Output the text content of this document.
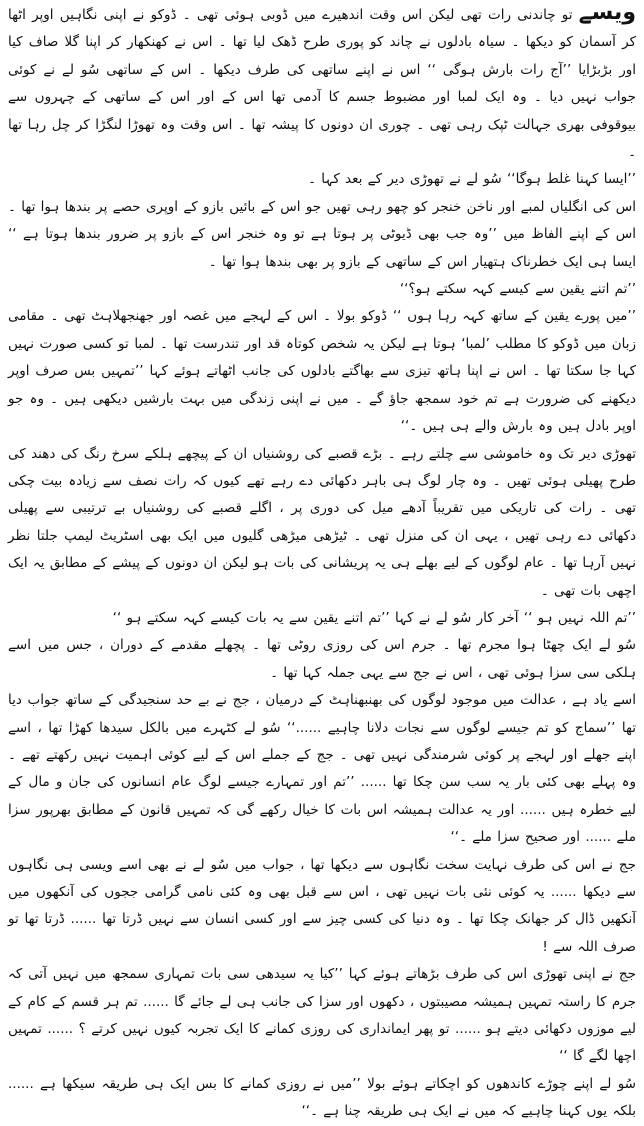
ویسے تو چاندنی رات تھی لیکن اس وقت اندھیرے میں ڈوبی ہوئی تھی ۔ ڈوکو نے اپنی نگاہیں اوپر اٹھا کر آسمان کو دیکھا ۔ سیاہ بادلوں نے چاند کو پوری طرح ڈھک لیا تھا ۔ اس نے کھنکھار کر اپنا گلا صاف کیا اور بڑبڑایا ’’آج رات بارش ہوگی ‘‘ اس نے اپنے ساتھی کی طرف دیکھا ۔ اس کے ساتھی سُو لے نے کوئی جواب نہیں دیا ۔ وہ ایک لمبا اور مضبوط جسم کا آدمی تھا اس کے اور اس کے ساتھی کے چہروں سے بیوقوفی بھری جہالت ٹپک رہی تھی ۔ چوری ان دونوں کا پیشہ تھا ۔ اس وقت وہ تھوڑا لنگڑا کر چل رہا تھا ۔

’’ایسا کہنا غلط ہوگا‘‘ سُو لے نے تھوڑی دیر کے بعد کہا ۔

اس کی انگلیاں لمبے اور ناخن خنجر کو چھو رہی تھیں جو اس کے بائیں بازو کے اوپری حصے پر بندھا ہوا تھا ۔ اس کے اپنے الفاظ میں ’’وہ جب بھی ڈیوٹی پر ہوتا ہے تو وہ خنجر اس کے بازو پر ضرور بندھا ہوتا ہے ‘‘ ایسا ہی ایک خطرناک ہتھیار اس کے ساتھی کے بازو پر بھی بندھا ہوا تھا ۔

’’تم اتنے یقین سے کیسے کہہ سکتے ہو؟‘‘

’’میں پورے یقین کے ساتھ کہہ رہا ہوں ‘‘ ڈوکو بولا ۔ اس کے لہجے میں غصہ اور جھنجھلاہٹ تھی ۔ مقامی زبان میں ڈوکو کا مطلب ’لمبا‘ ہوتا ہے لیکن یہ شخص کوتاہ قد اور تندرست تھا ۔ لمبا تو کسی صورت نہیں کہا جا سکتا تھا ۔ اس نے اپنا ہاتھ تیزی سے بھاگتے بادلوں کی جانب اٹھاتے ہوئے کہا ’’تمہیں بس صرف اوپر دیکھنے کی ضرورت ہے تم خود سمجھ جاؤ گے ۔ میں نے اپنی زندگی میں بہت بارشیں دیکھی ہیں ۔ وہ جو اوپر بادل ہیں وہ بارش والے ہی ہیں ۔‘‘

تھوڑی دیر تک وہ خاموشی سے چلتے رہے ۔ بڑے قصبے کی روشنیاں ان کے پیچھے ہلکے سرخ رنگ کی دھند کی طرح پھیلی ہوئی تھیں ۔ وہ چار لوگ ہی باہر دکھائی دے رہے تھے کیوں کہ رات نصف سے زیادہ بیت چکی تھی ۔ رات کی تاریکی میں تقریباً آدھے میل کی دوری پر ، اگلے قصبے کی روشنیاں بے ترتیبی سے پھیلی دکھائی دے رہی تھیں ، یہی ان کی منزل تھی ۔ ٹیڑھی میڑھی گلیوں میں ایک بھی اسٹریٹ لیمپ جلتا نظر نہیں آرہا تھا ۔ عام لوگوں کے لیے بھلے ہی یہ پریشانی کی بات ہو لیکن ان دونوں کے پیشے کے مطابق یہ ایک اچھی بات تھی ۔

’’تم اللہ نہیں ہو ‘‘ آخر کار سُو لے نے کہا ’’تم اتنے یقین سے یہ بات کیسے کہہ سکتے ہو ‘‘

سُو لے ایک چھٹا ہوا مجرم تھا ۔ جرم اس کی روزی روٹی تھا ۔ پچھلے مقدمے کے دوران ، جس میں اسے ہلکی سی سزا ہوئی تھی ، اس نے جج سے یہی جملہ کہا تھا ۔

اسے یاد ہے ، عدالت میں موجود لوگوں کی بھنبھناہٹ کے درمیان ، جج نے بے حد سنجیدگی کے ساتھ جواب دیا تھا ’’سماج کو تم جیسے لوگوں سے نجات دلانا چاہیے ......‘‘ سُو لے کٹہرے میں بالکل سیدھا کھڑا تھا ، اسے اپنے جھلے اور لہجے پر کوئی شرمندگی نہیں تھی ۔ جج کے جملے اس کے لیے کوئی اہمیت نہیں رکھتے تھے ۔ وہ پہلے بھی کئی بار یہ سب سن چکا تھا ...... ’’تم اور تمہارے جیسے لوگ عام انسانوں کی جان و مال کے لیے خطرہ ہیں ...... اور یہ عدالت ہمیشہ اس بات کا خیال رکھے گی کہ تمہیں قانون کے مطابق بھرپور سزا ملے ...... اور صحیح سزا ملے ۔‘‘

جج نے اس کی طرف نہایت سخت نگاہوں سے دیکھا تھا ، جواب میں سُو لے نے بھی اسے ویسی ہی نگاہوں سے دیکھا ...... یہ کوئی نئی بات نہیں تھی ، اس سے قبل بھی وہ کئی نامی گرامی ججوں کی آنکھوں میں آنکھیں ڈال کر جھانک چکا تھا ۔ وہ دنیا کی کسی چیز سے اور کسی انسان سے نہیں ڈرتا تھا ...... ڈرتا تھا تو صرف اللہ سے !

جج نے اپنی تھوڑی اس کی طرف بڑھاتے ہوئے کہا ’’کیا یہ سیدھی سی بات تمہاری سمجھ میں نہیں آتی کہ جرم کا راستہ تمہیں ہمیشہ مصیبتوں ، دکھوں اور سزا کی جانب ہی لے جائے گا ...... تم ہر قسم کے کام کے لیے موزوں دکھائی دیتے ہو ...... تو پھر ایمانداری کی روزی کمانے کا ایک تجربہ کیوں نہیں کرتے ؟ ...... تمہیں اچھا لگے گا ‘‘

سُو لے اپنے چوڑے کاندھوں کو اچکاتے ہوئے بولا ’’میں نے روزی کمانے کا بس ایک ہی طریقہ سیکھا ہے ...... بلکہ یوں کہنا چاہیے کہ میں نے ایک ہی طریقہ چنا ہے ۔‘‘
